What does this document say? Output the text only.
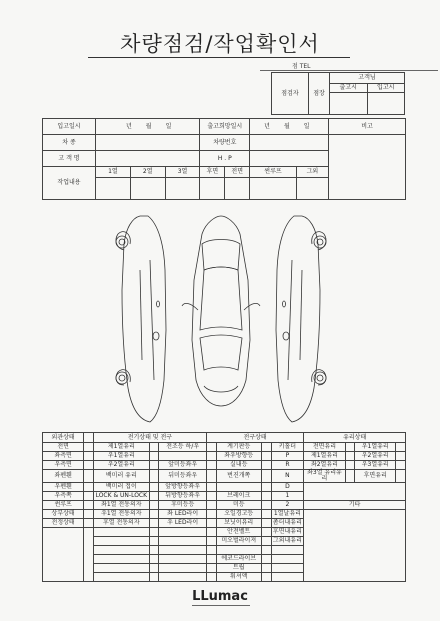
차량점검/작업확인서
점 TEL
점검자	점장	고객님	
		출고시	입고시

입고일시	년 월 일			출고희망일시		년 월 일		비고
차 종				차량번호				
고 객 명				H . P				
작업내용	1열	2열	3열	후면	전면	썬루프	그외	

외관상태		전기상태 및 전구			전구상태				유리상태			
전면		제1열유리		전조등 하/우		계기판등		키홀더	전면유리		우1열유리	
좌측면		우1열유리				좌우방향등		P	제1열유리		우2열유리	
우측면		우2열유리		앞미등좌우		실내등		R	좌2열유리		우3열유리	
좌펜휀		백미러 유리		뒤미등좌우		번진개쪽		N	좌3열 유리유리		후면유리	
우펜휀		백미러 접이		앞방향등좌우				D				
우측쪽		LOCK & UN-LOCK		뒤방향등좌우		브레이크		1				
썬루프		좌1열 전동의자		후미등등		미등		2	기타			
상부상태		우1열 전동의자		좌 LED라이		오일경고등		1열날유리				
전정상태		후열 전동의자		우 LED라이		보닛이유리		좀더내유리				
						안전벨트		후면내유리				
						미오벌라이져		그외내유리				

						에코드라이브						
						트립						
						워셔액						
LLumac
